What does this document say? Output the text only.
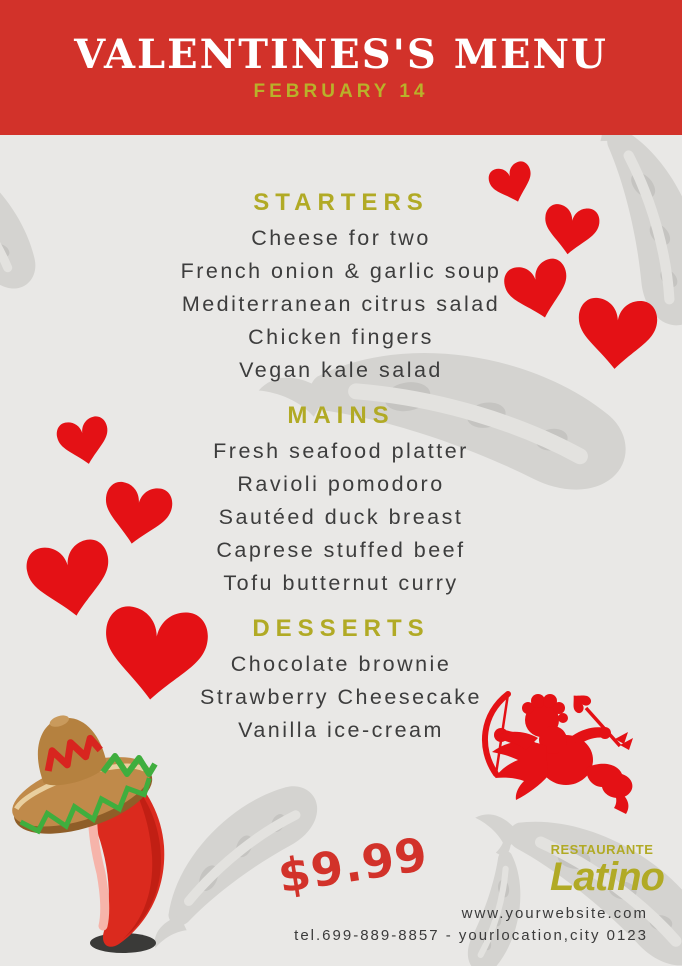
VALENTINES'S MENU
FEBRUARY 14
STARTERS
Cheese for two
French onion & garlic soup
Mediterranean citrus salad
Chicken fingers
Vegan kale salad
MAINS
Fresh seafood platter
Ravioli pomodoro
Sautéed duck breast
Caprese stuffed beef
Tofu butternut curry
DESSERTS
Chocolate brownie
Strawberry Cheesecake
Vanilla ice-cream
$9.99	RESTAURANTE
Latino
www.yourwebsite.com
tel.699-889-8857 - yourlocation,city 0123
